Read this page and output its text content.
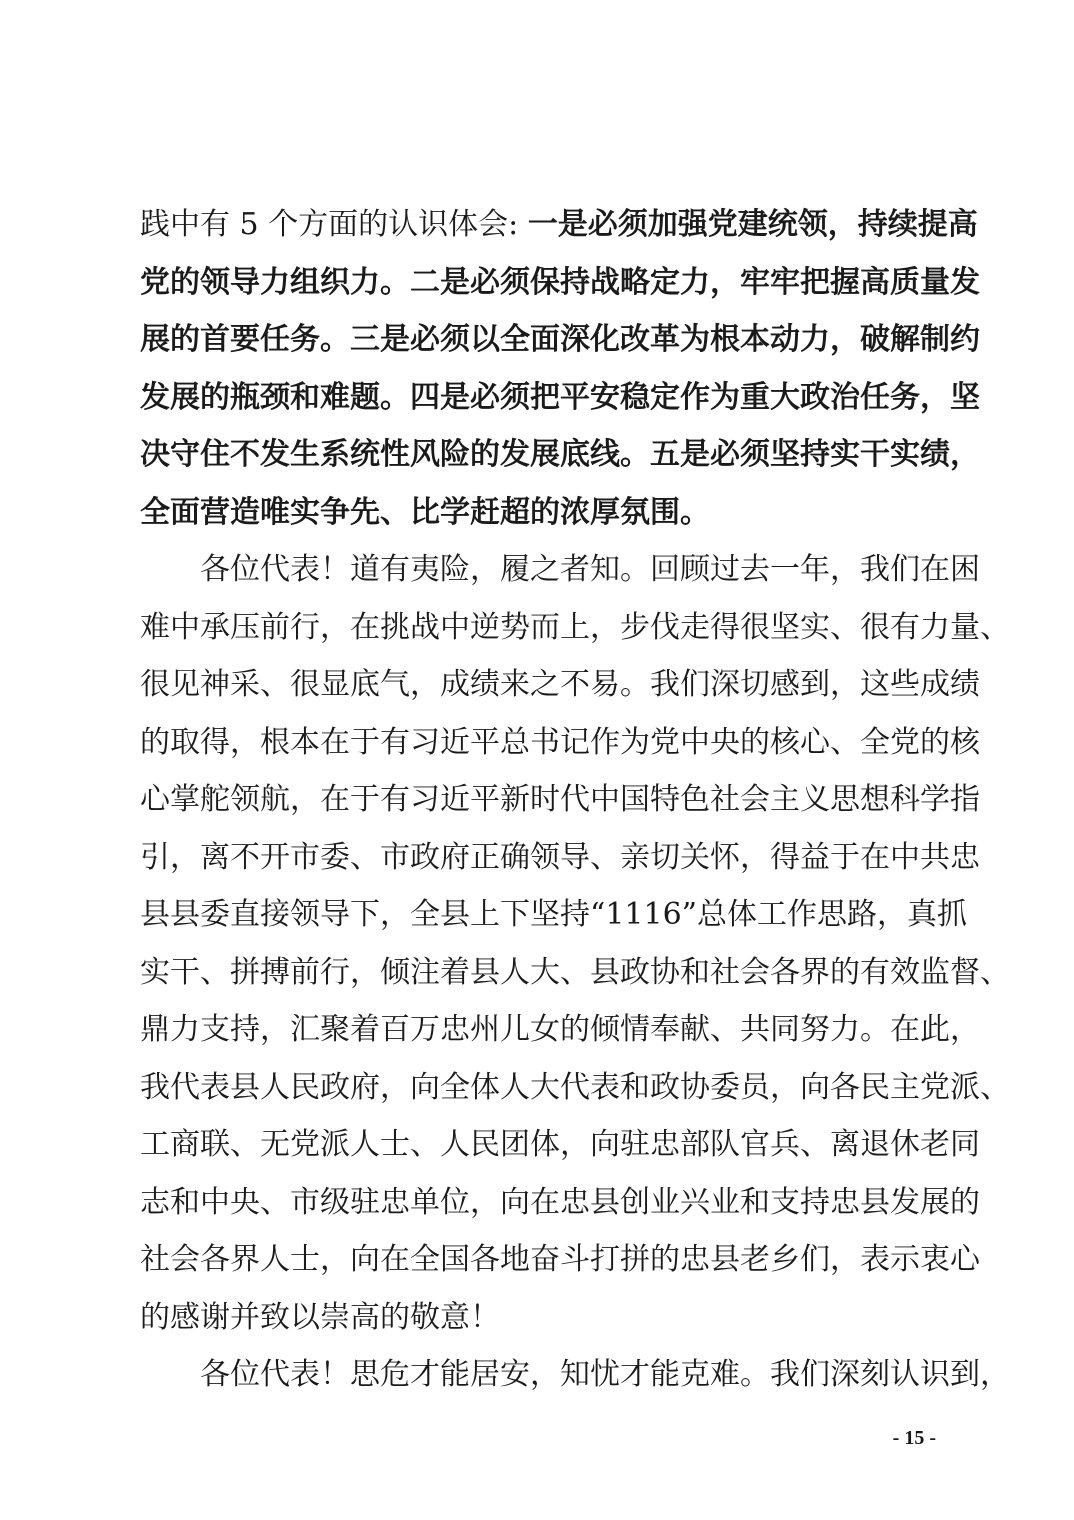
践中有 5 个方面的认识体会: 一是必须加强党建统领，持续提高
党的领导力组织力。二是必须保持战略定力，牢牢把握高质量发
展的首要任务。三是必须以全面深化改革为根本动力，破解制约
发展的瓶颈和难题。四是必须把平安稳定作为重大政治任务，坚
决守住不发生系统性风险的发展底线。五是必须坚持实干实绩，
全面营造唯实争先、比学赶超的浓厚氛围。
各位代表！道有夷险，履之者知。回顾过去一年，我们在困
难中承压前行，在挑战中逆势而上，步伐走得很坚实、很有力量、
很见神采、很显底气，成绩来之不易。我们深切感到，这些成绩
的取得，根本在于有习近平总书记作为党中央的核心、全党的核
心掌舵领航，在于有习近平新时代中国特色社会主义思想科学指
引，离不开市委、市政府正确领导、亲切关怀，得益于在中共忠
县县委直接领导下，全县上下坚持“1116”总体工作思路，真抓
实干、拼搏前行，倾注着县人大、县政协和社会各界的有效监督、
鼎力支持，汇聚着百万忠州儿女的倾情奉献、共同努力。在此，
我代表县人民政府，向全体人大代表和政协委员，向各民主党派、
工商联、无党派人士、人民团体，向驻忠部队官兵、离退休老同
志和中央、市级驻忠单位，向在忠县创业兴业和支持忠县发展的
社会各界人士，向在全国各地奋斗打拼的忠县老乡们，表示衷心
的感谢并致以崇高的敬意！
各位代表！思危才能居安，知忧才能克难。我们深刻认识到，
- 15 -
